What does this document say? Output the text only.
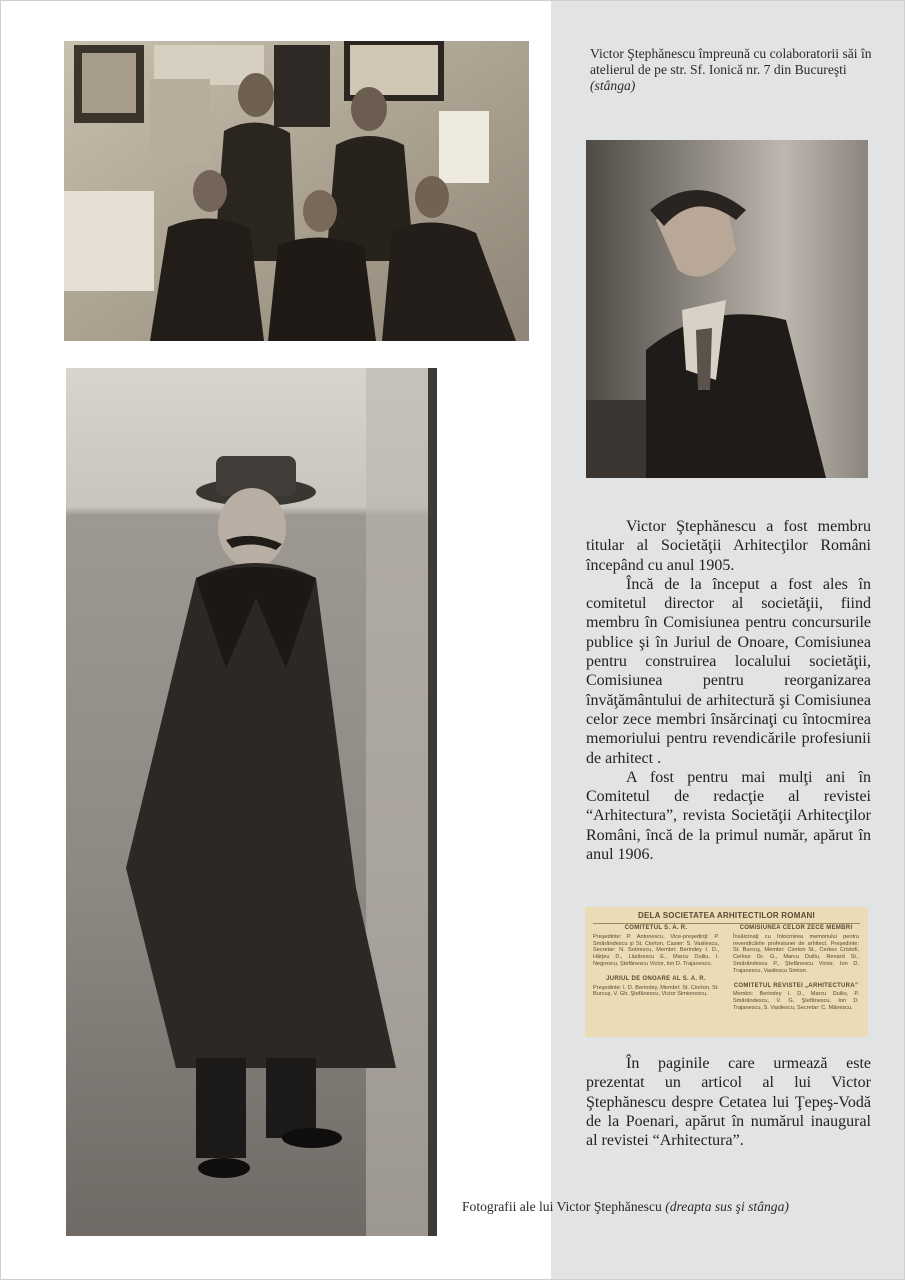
Victor Ştephănescu împreună cu colaboratorii săi în atelierul de pe str. Sf. Ionică nr. 7 din Bucureşti (stânga)

Victor Ştephănescu a fost membru titular al Societăţii Arhitecţilor Români începând cu anul 1905.

Încă de la început a fost ales în comitetul director al societăţii, fiind membru în Comisiunea pentru concursurile publice şi în Juriul de Onoare, Comisiunea pentru construirea localului societăţii, Comisiunea pentru reorganizarea învăţământului de arhitectură şi Comisiunea celor zece membri însărcinaţi cu întocmirea memoriului pentru revendicările profesiunii de arhitect .

A fost pentru mai mulţi ani în Comitetul de redacţie al revistei “Arhitectura”, revista Societăţii Arhitecţilor Români, încă de la primul număr, apărut în anul 1906.

DELA SOCIETATEA ARHITECTILOR ROMANI
COMITETUL S. A. R.
Preşedinte: P. Antonescu, Vice-preşedinţi: P. Smărăndescu şi St. Ciorton, Casier: S. Vasilescu, Secretar: N. Sotirescu, Membri: Berindey I. D., Hărjeu D., Lăzărescu E., Marcu Duiliu, I. Negrescu, Ştefănescu Victor, Ion D. Trajanescu.
JURIUL DE ONOARE AL S. A. R.
Preşedinte: I. D. Berindey, Membri: St. Ciorton, St. Burcuş, V. Gh. Ştefănescu, Victor Simionescu.
COMISIUNEA CELOR ZECE MEMBRI
Însărcinaţi cu întocmirea memoriului pentru revendicările profesiunei de arhitect. Preşedinte: St. Burcuş, Membri: Ciorton St., Cerkez Cristofi, Cerkez Gr. G., Marcu Duiliu, Renard St., Smărăndescu P., Ştefănescu Victor, Ion D. Trajanescu, Vasilescu Simion.
COMITETUL REVISTEI „ARHITECTURA”
Membri: Berindey I. D., Marcu Duiliu, P. Smărăndescu, V. G. Ştefănescu, Ion D. Trajanescu, S. Vasilescu, Secretar: C. Mănescu.

În paginile care urmează este prezentat un articol al lui Victor Ştephănescu despre Cetatea lui Ţepeş-Vodă de la Poenari, apărut în numărul inaugural al revistei “Arhitectura”.

Fotografii ale lui Victor Ştephănescu (dreapta sus şi stânga)
